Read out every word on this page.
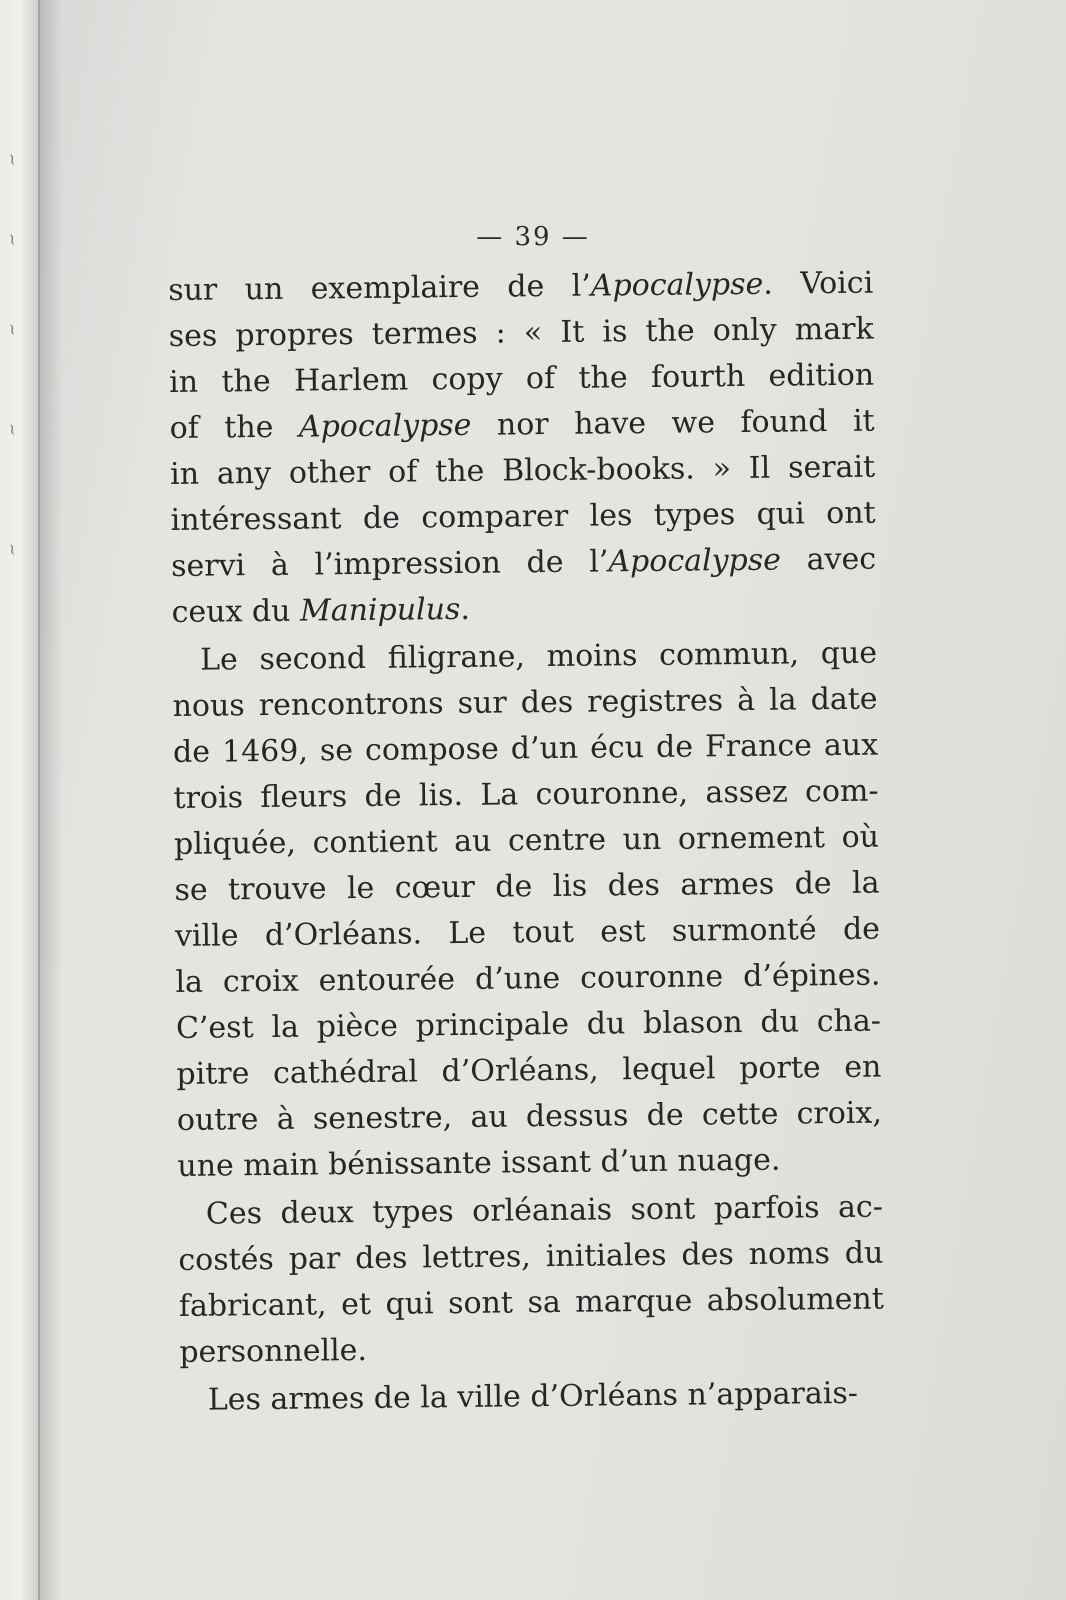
~
~
~
~
~
— 39 —
sur un exemplaire de l’Apocalypse. Voici
ses propres termes : « It is the only mark
in the Harlem copy of the fourth edition
of the Apocalypse nor have we found it
in any other of the Block-books. » Il serait
intéressant de comparer les types qui ont
servi à l’impression de l’Apocalypse avec
ceux du Manipulus.
Le second filigrane, moins commun, que
nous rencontrons sur des registres à la date
de 1469, se compose d’un écu de France aux
trois fleurs de lis. La couronne, assez com-
pliquée, contient au centre un ornement où
se trouve le cœur de lis des armes de la
ville d’Orléans. Le tout est surmonté de
la croix entourée d’une couronne d’épines.
C’est la pièce principale du blason du cha-
pitre cathédral d’Orléans, lequel porte en
outre à senestre, au dessus de cette croix,
une main bénissante issant d’un nuage.
Ces deux types orléanais sont parfois ac-
costés par des lettres, initiales des noms du
fabricant, et qui sont sa marque absolument
personnelle.
Les armes de la ville d’Orléans n’apparais-
